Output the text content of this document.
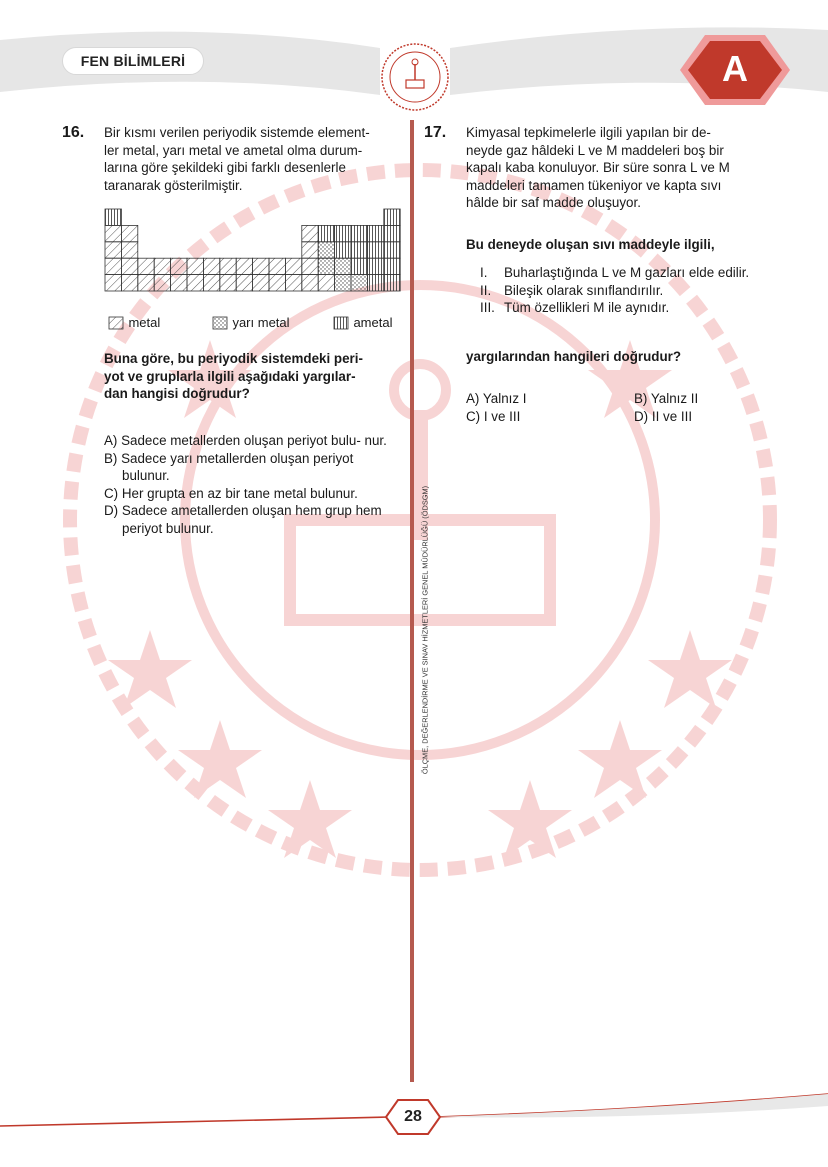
FEN BİLİMLERİ	A
ÖLÇME, DEĞERLENDİRME VE SINAV HİZMETLERİ GENEL MÜDÜRLÜĞÜ (ÖDSGM)
16. Bir kısmı verilen periyodik sistemde element-
ler metal, yarı metal ve ametal olma durum-
larına göre şekildeki gibi farklı desenlerle
taranarak gösterilmiştir.
metal	yarı metal	ametal
Buna göre, bu periyodik sistemdeki peri-
yot ve gruplarla ilgili aşağıdaki yargılar-
dan hangisi doğrudur?
A) Sadece metallerden oluşan periyot bulu- nur.
B) Sadece yarı metallerden oluşan periyot bulunur.
C) Her grupta en az bir tane metal bulunur.
D) Sadece ametallerden oluşan hem grup hem periyot bulunur.
17. Kimyasal tepkimelerle ilgili yapılan bir de-
neyde gaz hâldeki L ve M maddeleri boş bir
kapalı kaba konuluyor. Bir süre sonra L ve M
maddeleri tamamen tükeniyor ve kapta sıvı
hâlde bir saf madde oluşuyor.
Bu deneyde oluşan sıvı maddeyle ilgili,
I.	Buharlaştığında L ve M gazları elde edilir.
II. Bileşik olarak sınıflandırılır.
III. Tüm özellikleri M ile aynıdır.
yargılarından hangileri doğrudur?
A) Yalnız I	B) Yalnız II
C) I ve III	D) II ve III
28
